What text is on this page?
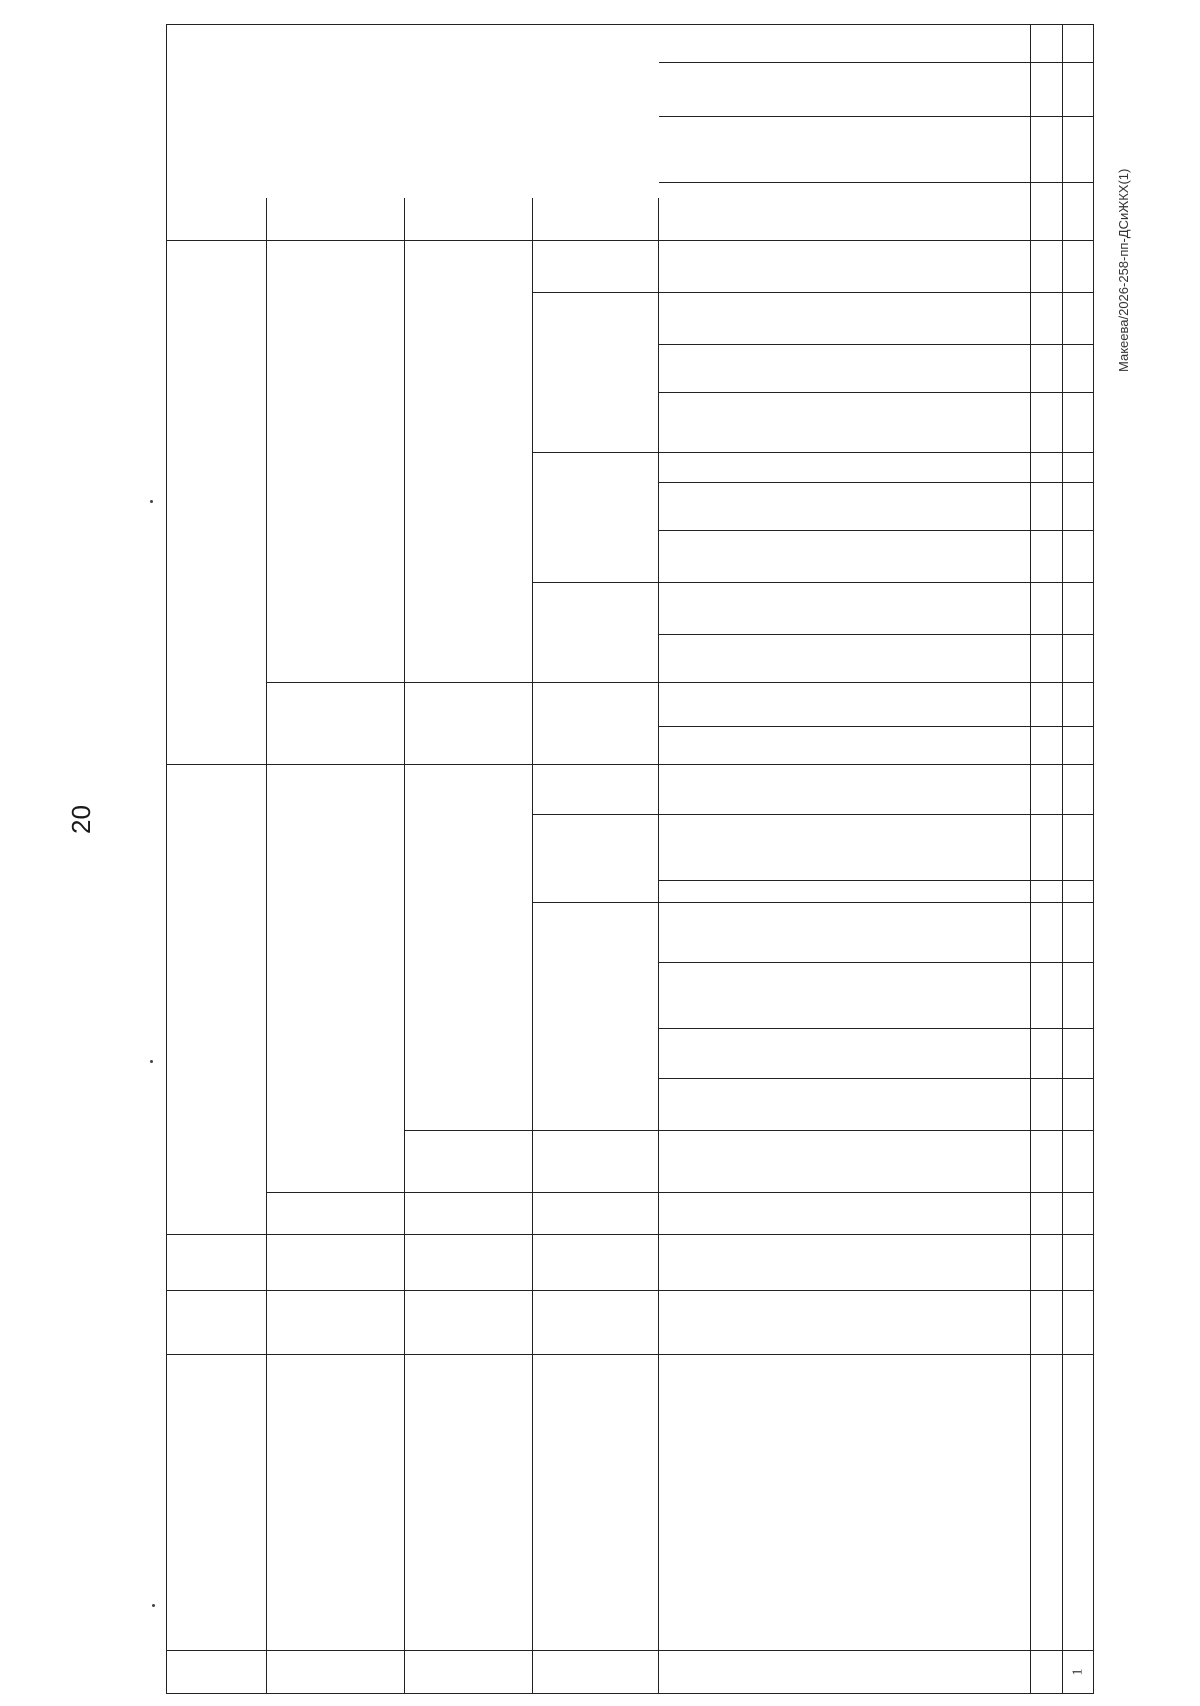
20
Макеева/2026-258-пп-ДСиЖКХ(1)
1
